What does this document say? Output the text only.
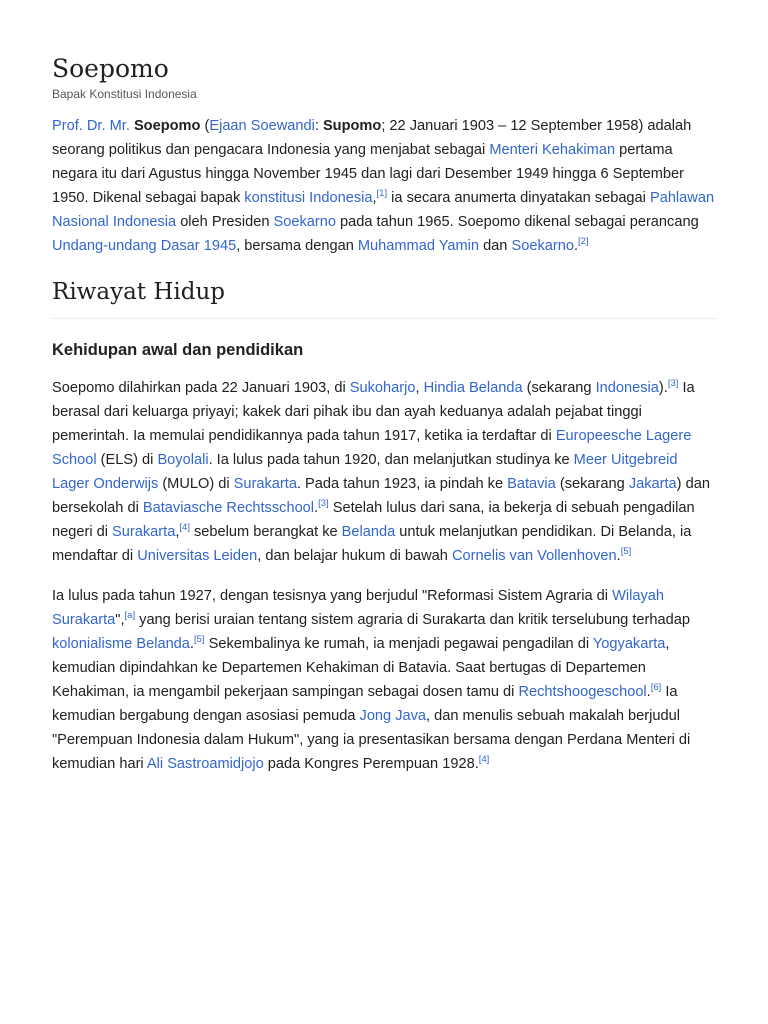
Soepomo
Bapak Konstitusi Indonesia

Prof. Dr. Mr. Soepomo (Ejaan Soewandi: Supomo; 22 Januari 1903 – 12 September 1958) adalah seorang politikus dan pengacara Indonesia yang menjabat sebagai Menteri Kehakiman pertama negara itu dari Agustus hingga November 1945 dan lagi dari Desember 1949 hingga 6 September 1950. Dikenal sebagai bapak konstitusi Indonesia,[1] ia secara anumerta dinyatakan sebagai Pahlawan Nasional Indonesia oleh Presiden Soekarno pada tahun 1965. Soepomo dikenal sebagai perancang Undang-undang Dasar 1945, bersama dengan Muhammad Yamin dan Soekarno.[2]

Riwayat Hidup
Kehidupan awal dan pendidikan

Soepomo dilahirkan pada 22 Januari 1903, di Sukoharjo, Hindia Belanda (sekarang Indonesia).[3] Ia berasal dari keluarga priyayi; kakek dari pihak ibu dan ayah keduanya adalah pejabat tinggi pemerintah. Ia memulai pendidikannya pada tahun 1917, ketika ia terdaftar di Europeesche Lagere School (ELS) di Boyolali. Ia lulus pada tahun 1920, dan melanjutkan studinya ke Meer Uitgebreid Lager Onderwijs (MULO) di Surakarta. Pada tahun 1923, ia pindah ke Batavia (sekarang Jakarta) dan bersekolah di Bataviasche Rechtsschool.[3] Setelah lulus dari sana, ia bekerja di sebuah pengadilan negeri di Surakarta,[4] sebelum berangkat ke Belanda untuk melanjutkan pendidikan. Di Belanda, ia mendaftar di Universitas Leiden, dan belajar hukum di bawah Cornelis van Vollenhoven.[5]

Ia lulus pada tahun 1927, dengan tesisnya yang berjudul "Reformasi Sistem Agraria di Wilayah Surakarta",[a] yang berisi uraian tentang sistem agraria di Surakarta dan kritik terselubung terhadap kolonialisme Belanda.[5] Sekembalinya ke rumah, ia menjadi pegawai pengadilan di Yogyakarta, kemudian dipindahkan ke Departemen Kehakiman di Batavia. Saat bertugas di Departemen Kehakiman, ia mengambil pekerjaan sampingan sebagai dosen tamu di Rechtshoogeschool.[6] Ia kemudian bergabung dengan asosiasi pemuda Jong Java, dan menulis sebuah makalah berjudul "Perempuan Indonesia dalam Hukum", yang ia presentasikan bersama dengan Perdana Menteri di kemudian hari Ali Sastroamidjojo pada Kongres Perempuan 1928.[4]
